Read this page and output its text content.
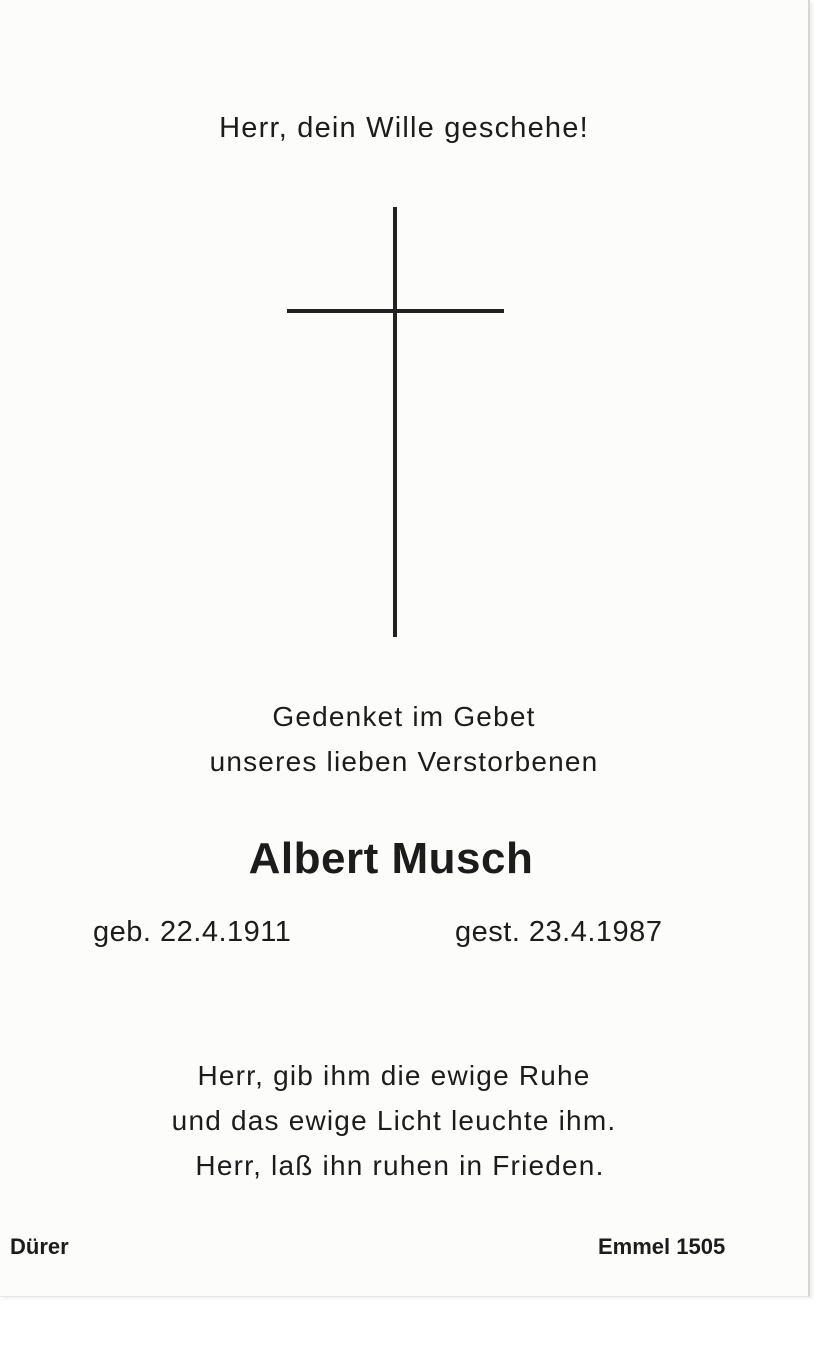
Herr, dein Wille geschehe!
Gedenket im Gebet
unseres lieben Verstorbenen
Albert Musch
geb. 22.4.1911	gest. 23.4.1987
Herr, gib ihm die ewige Ruhe
und das ewige Licht leuchte ihm.
Herr, laß ihn ruhen in Frieden.
Dürer	Emmel 1505
